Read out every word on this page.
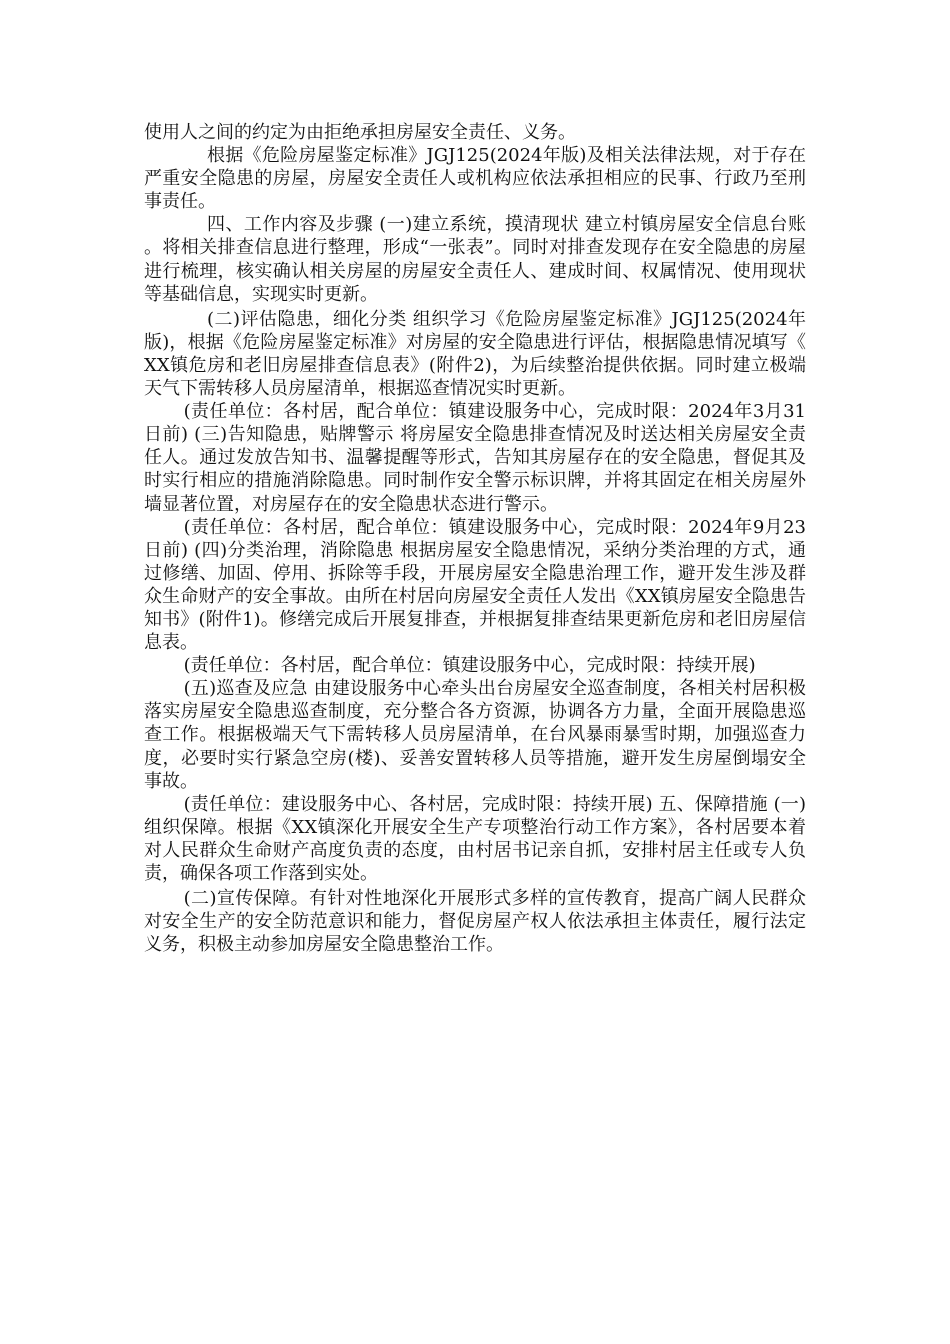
使用人之间的约定为由拒绝承担房屋安全责任、义务。

根据《危险房屋鉴定标准》JGJ125(2024年版)及相关法律法规，对于存在严重安全隐患的房屋，房屋安全责任人或机构应依法承担相应的民事、行政乃至刑事责任。

四、工作内容及步骤 (一)建立系统，摸清现状 建立村镇房屋安全信息台账。将相关排查信息进行整理，形成“一张表”。同时对排查发现存在安全隐患的房屋进行梳理，核实确认相关房屋的房屋安全责任人、建成时间、权属情况、使用现状等基础信息，实现实时更新。

(二)评估隐患，细化分类 组织学习《危险房屋鉴定标准》JGJ125(2024年版)，根据《危险房屋鉴定标准》对房屋的安全隐患进行评估，根据隐患情况填写《XX镇危房和老旧房屋排查信息表》(附件2)，为后续整治提供依据。同时建立极端天气下需转移人员房屋清单，根据巡查情况实时更新。

(责任单位：各村居，配合单位：镇建设服务中心，完成时限：2024年3月31日前) (三)告知隐患，贴牌警示 将房屋安全隐患排查情况及时送达相关房屋安全责任人。通过发放告知书、温馨提醒等形式，告知其房屋存在的安全隐患，督促其及时实行相应的措施消除隐患。同时制作安全警示标识牌，并将其固定在相关房屋外墙显著位置，对房屋存在的安全隐患状态进行警示。

(责任单位：各村居，配合单位：镇建设服务中心，完成时限：2024年9月23日前) (四)分类治理，消除隐患 根据房屋安全隐患情况，采纳分类治理的方式，通过修缮、加固、停用、拆除等手段，开展房屋安全隐患治理工作，避开发生涉及群众生命财产的安全事故。由所在村居向房屋安全责任人发出《XX镇房屋安全隐患告知书》(附件1)。修缮完成后开展复排查，并根据复排查结果更新危房和老旧房屋信息表。

(责任单位：各村居，配合单位：镇建设服务中心，完成时限：持续开展)

(五)巡查及应急 由建设服务中心牵头出台房屋安全巡查制度，各相关村居积极落实房屋安全隐患巡查制度，充分整合各方资源，协调各方力量，全面开展隐患巡查工作。根据极端天气下需转移人员房屋清单，在台风暴雨暴雪时期，加强巡查力度，必要时实行紧急空房(楼)、妥善安置转移人员等措施，避开发生房屋倒塌安全事故。

(责任单位：建设服务中心、各村居，完成时限：持续开展) 五、保障措施 (一)组织保障。根据《XX镇深化开展安全生产专项整治行动工作方案》，各村居要本着对人民群众生命财产高度负责的态度，由村居书记亲自抓，安排村居主任或专人负责，确保各项工作落到实处。

(二)宣传保障。有针对性地深化开展形式多样的宣传教育，提高广阔人民群众对安全生产的安全防范意识和能力，督促房屋产权人依法承担主体责任，履行法定义务，积极主动参加房屋安全隐患整治工作。
